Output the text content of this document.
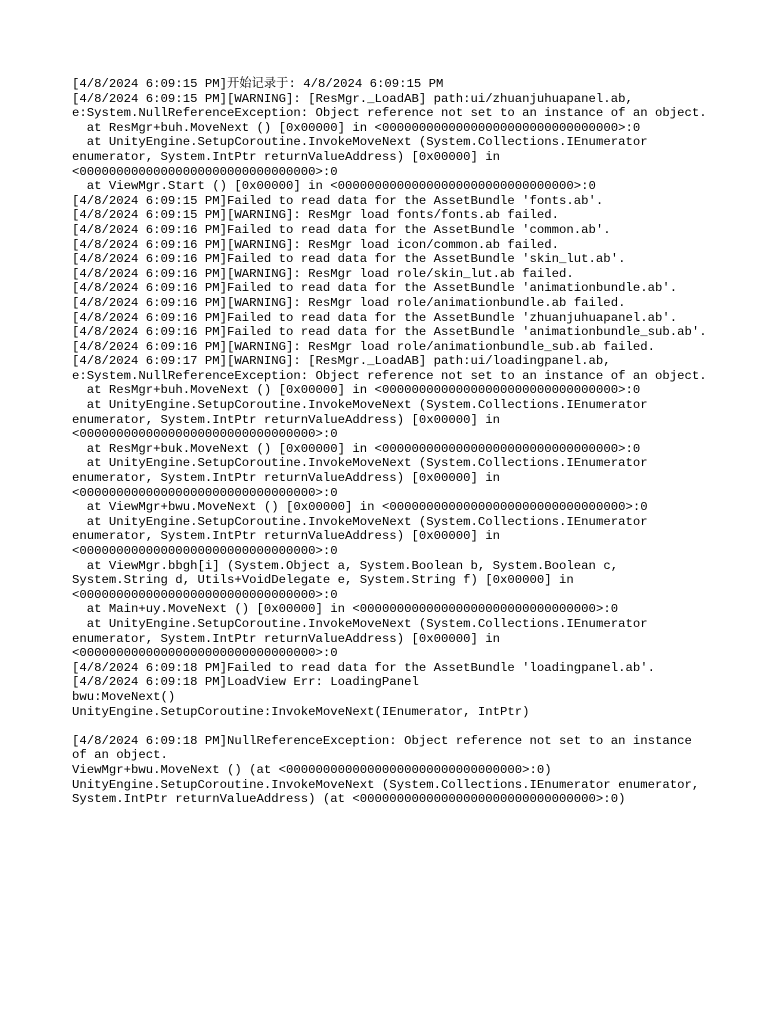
[4/8/2024 6:09:15 PM]开始记录于: 4/8/2024 6:09:15 PM
[4/8/2024 6:09:15 PM][WARNING]: [ResMgr._LoadAB] path:ui/zhuanjuhuapanel.ab, e:System.NullReferenceException: Object reference not set to an instance of an object.
at ResMgr+buh.MoveNext () [0x00000] in <00000000000000000000000000000000>:0
at UnityEngine.SetupCoroutine.InvokeMoveNext (System.Collections.IEnumerator enumerator, System.IntPtr returnValueAddress) [0x00000] in <00000000000000000000000000000000>:0
at ViewMgr.Start () [0x00000] in <00000000000000000000000000000000>:0
[4/8/2024 6:09:15 PM]Failed to read data for the AssetBundle 'fonts.ab'.
[4/8/2024 6:09:15 PM][WARNING]: ResMgr load fonts/fonts.ab failed.
[4/8/2024 6:09:16 PM]Failed to read data for the AssetBundle 'common.ab'.
[4/8/2024 6:09:16 PM][WARNING]: ResMgr load icon/common.ab failed.
[4/8/2024 6:09:16 PM]Failed to read data for the AssetBundle 'skin_lut.ab'.
[4/8/2024 6:09:16 PM][WARNING]: ResMgr load role/skin_lut.ab failed.
[4/8/2024 6:09:16 PM]Failed to read data for the AssetBundle 'animationbundle.ab'.
[4/8/2024 6:09:16 PM][WARNING]: ResMgr load role/animationbundle.ab failed.
[4/8/2024 6:09:16 PM]Failed to read data for the AssetBundle 'zhuanjuhuapanel.ab'.
[4/8/2024 6:09:16 PM]Failed to read data for the AssetBundle 'animationbundle_sub.ab'.
[4/8/2024 6:09:16 PM][WARNING]: ResMgr load role/animationbundle_sub.ab failed.
[4/8/2024 6:09:17 PM][WARNING]: [ResMgr._LoadAB] path:ui/loadingpanel.ab, e:System.NullReferenceException: Object reference not set to an instance of an object.
at ResMgr+buh.MoveNext () [0x00000] in <00000000000000000000000000000000>:0
at UnityEngine.SetupCoroutine.InvokeMoveNext (System.Collections.IEnumerator enumerator, System.IntPtr returnValueAddress) [0x00000] in <00000000000000000000000000000000>:0
at ResMgr+buk.MoveNext () [0x00000] in <00000000000000000000000000000000>:0
at UnityEngine.SetupCoroutine.InvokeMoveNext (System.Collections.IEnumerator enumerator, System.IntPtr returnValueAddress) [0x00000] in <00000000000000000000000000000000>:0
at ViewMgr+bwu.MoveNext () [0x00000] in <00000000000000000000000000000000>:0
at UnityEngine.SetupCoroutine.InvokeMoveNext (System.Collections.IEnumerator enumerator, System.IntPtr returnValueAddress) [0x00000] in <00000000000000000000000000000000>:0
at ViewMgr.bbgh[i] (System.Object a, System.Boolean b, System.Boolean c, System.String d, Utils+VoidDelegate e, System.String f) [0x00000] in <00000000000000000000000000000000>:0
at Main+uy.MoveNext () [0x00000] in <00000000000000000000000000000000>:0
at UnityEngine.SetupCoroutine.InvokeMoveNext (System.Collections.IEnumerator enumerator, System.IntPtr returnValueAddress) [0x00000] in <00000000000000000000000000000000>:0
[4/8/2024 6:09:18 PM]Failed to read data for the AssetBundle 'loadingpanel.ab'.
[4/8/2024 6:09:18 PM]LoadView Err: LoadingPanel
bwu:MoveNext()
UnityEngine.SetupCoroutine:InvokeMoveNext(IEnumerator, IntPtr)
[4/8/2024 6:09:18 PM]NullReferenceException: Object reference not set to an instance of an object.
ViewMgr+bwu.MoveNext () (at <00000000000000000000000000000000>:0)
UnityEngine.SetupCoroutine.InvokeMoveNext (System.Collections.IEnumerator enumerator, System.IntPtr returnValueAddress) (at <00000000000000000000000000000000>:0)
